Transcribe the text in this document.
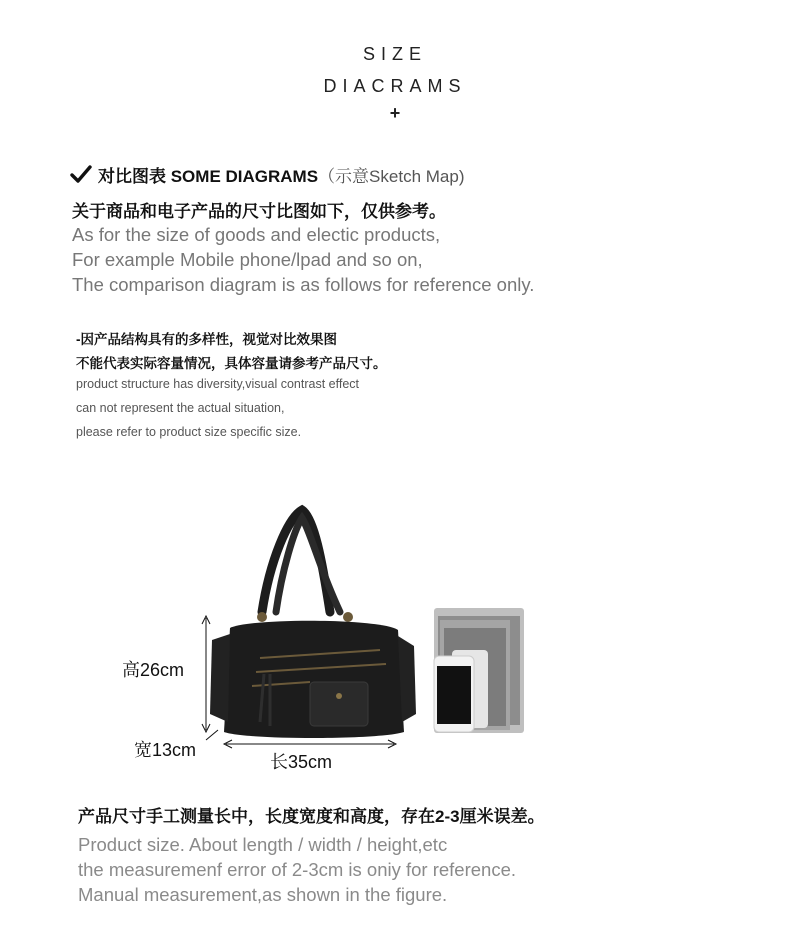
SIZE
DIACRAMS
+
对比图表 SOME DIAGRAMS（示意Sketch Map)
关于商品和电子产品的尺寸比图如下，仅供参考。
As for the size of goods and electic products,
For example Mobile phone/lpad and so on,
The comparison diagram is as follows for reference only.
-因产品结构具有的多样性，视觉对比效果图
不能代表实际容量情况，具体容量请参考产品尺寸。
product structure has diversity,visual contrast effect
can not represent the actual situation,
please refer to product size specific size.
高26cm
宽13cm
长35cm
产品尺寸手工测量长中，长度宽度和高度，存在2-3厘米误差。
Product size. About length / width / height,etc
the measuremenf error of 2-3cm is oniy for reference.
Manual measurement,as shown in the figure.
